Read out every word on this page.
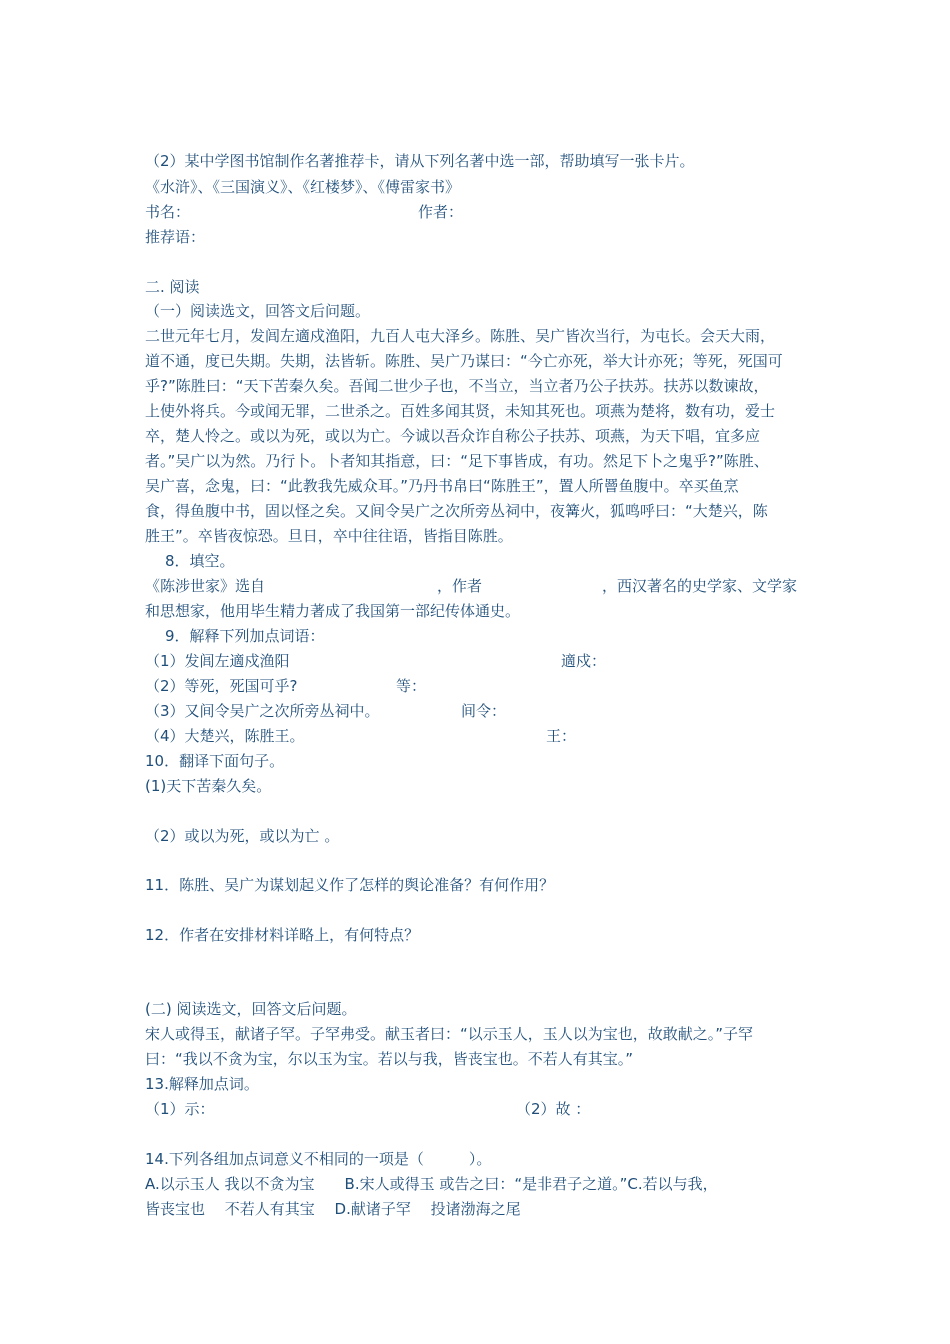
（2）某中学图书馆制作名著推荐卡，请从下列名著中选一部，帮助填写一张卡片。
《水浒》、《三国演义》、《红楼梦》、《傅雷家书》
书名：	作者：
推荐语：
二. 阅读
（一）阅读选文，回答文后问题。
二世元年七月，发闾左適戍渔阳，九百人屯大泽乡。陈胜、吴广皆次当行，为屯长。会天大雨，
道不通，度已失期。失期，法皆斩。陈胜、吴广乃谋曰：“今亡亦死，举大计亦死；等死，死国可
乎?”陈胜曰：“天下苦秦久矣。吾闻二世少子也，不当立，当立者乃公子扶苏。扶苏以数谏故，
上使外将兵。今或闻无罪，二世杀之。百姓多闻其贤，未知其死也。项燕为楚将，数有功，爱士
卒，楚人怜之。或以为死，或以为亡。今诚以吾众诈自称公子扶苏、项燕，为天下唱，宜多应
者。”吴广以为然。乃行卜。卜者知其指意，曰：“足下事皆成，有功。然足下卜之鬼乎?”陈胜、
吴广喜，念鬼，曰：“此教我先威众耳。”乃丹书帛曰“陈胜王”，置人所罾鱼腹中。卒买鱼烹
食，得鱼腹中书，固以怪之矣。又间令吴广之次所旁丛祠中，夜篝火，狐鸣呼曰：“大楚兴，陈
胜王”。卒皆夜惊恐。旦日，卒中往往语，皆指目陈胜。
8．填空。
《陈涉世家》选自	，作者	，西汉著名的史学家、文学家
和思想家，他用毕生精力著成了我国第一部纪传体通史。
9．解释下列加点词语：
（1）发闾左適戍渔阳	適戍：
（2）等死，死国可乎?	等：
（3）又间令吴广之次所旁丛祠中。	间令：
（4）大楚兴，陈胜王。	王：
10．翻译下面句子。
(1)天下苦秦久矣。
（2）或以为死，或以为亡 。
11．陈胜、吴广为谋划起义作了怎样的舆论准备？有何作用？
12．作者在安排材料详略上，有何特点？
(二) 阅读选文，回答文后问题。
宋人或得玉，献诸子罕。子罕弗受。献玉者曰：“以示玉人，玉人以为宝也，故敢献之。”子罕
曰：“我以不贪为宝，尔以玉为宝。若以与我，皆丧宝也。不若人有其宝。”
13.解释加点词。
（1）示：	（2）故 ：
14.下列各组加点词意义不相同的一项是（　　　）。
A.以示玉人 我以不贪为宝　　B.宋人或得玉 或告之曰：“是非君子之道。”C.若以与我，
皆丧宝也　 不若人有其宝　 D.献诸子罕　 投诸渤海之尾
